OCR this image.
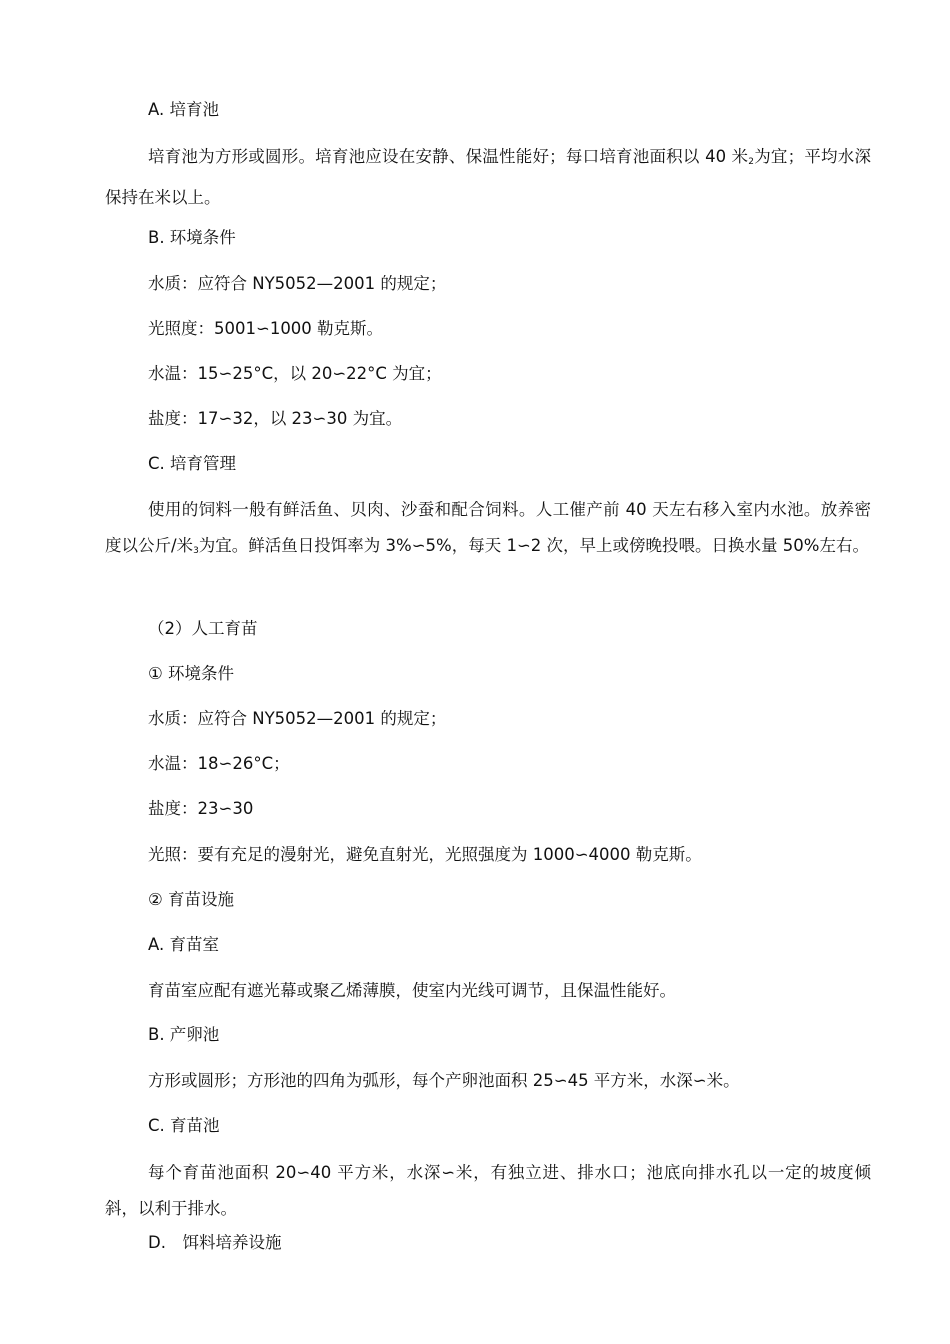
A. 培育池
培育池为方形或圆形。培育池应设在安静、保温性能好；每口培育池面积以 40 米$_2$为宜；平均水深保持在米以上。
B. 环境条件
水质：应符合 NY5052—2001 的规定；
光照度：5001∽1000 勒克斯。
水温：15∽25°C，以 20∽22°C 为宜；
盐度：17∽32，以 23∽30 为宜。
C. 培育管理
使用的饲料一般有鲜活鱼、贝肉、沙蚕和配合饲料。人工催产前 40 天左右移入室内水池。放养密度以公斤/米$_3$为宜。鲜活鱼日投饵率为 3%∽5%，每天 1∽2 次，早上或傍晚投喂。日换水量 50%左右。
（2）人工育苗
① 环境条件
水质：应符合 NY5052—2001 的规定；
水温：18∽26°C；
盐度：23∽30
光照：要有充足的漫射光，避免直射光，光照强度为 1000∽4000 勒克斯。
② 育苗设施
A. 育苗室
育苗室应配有遮光幕或聚乙烯薄膜，使室内光线可调节，且保温性能好。
B. 产卵池
方形或圆形；方形池的四角为弧形，每个产卵池面积 25∽45 平方米，水深∽米。
C. 育苗池
每个育苗池面积 20∽40 平方米，水深∽米，有独立进、排水口；池底向排水孔以一定的坡度倾斜，以利于排水。
D.　饵料培养设施
